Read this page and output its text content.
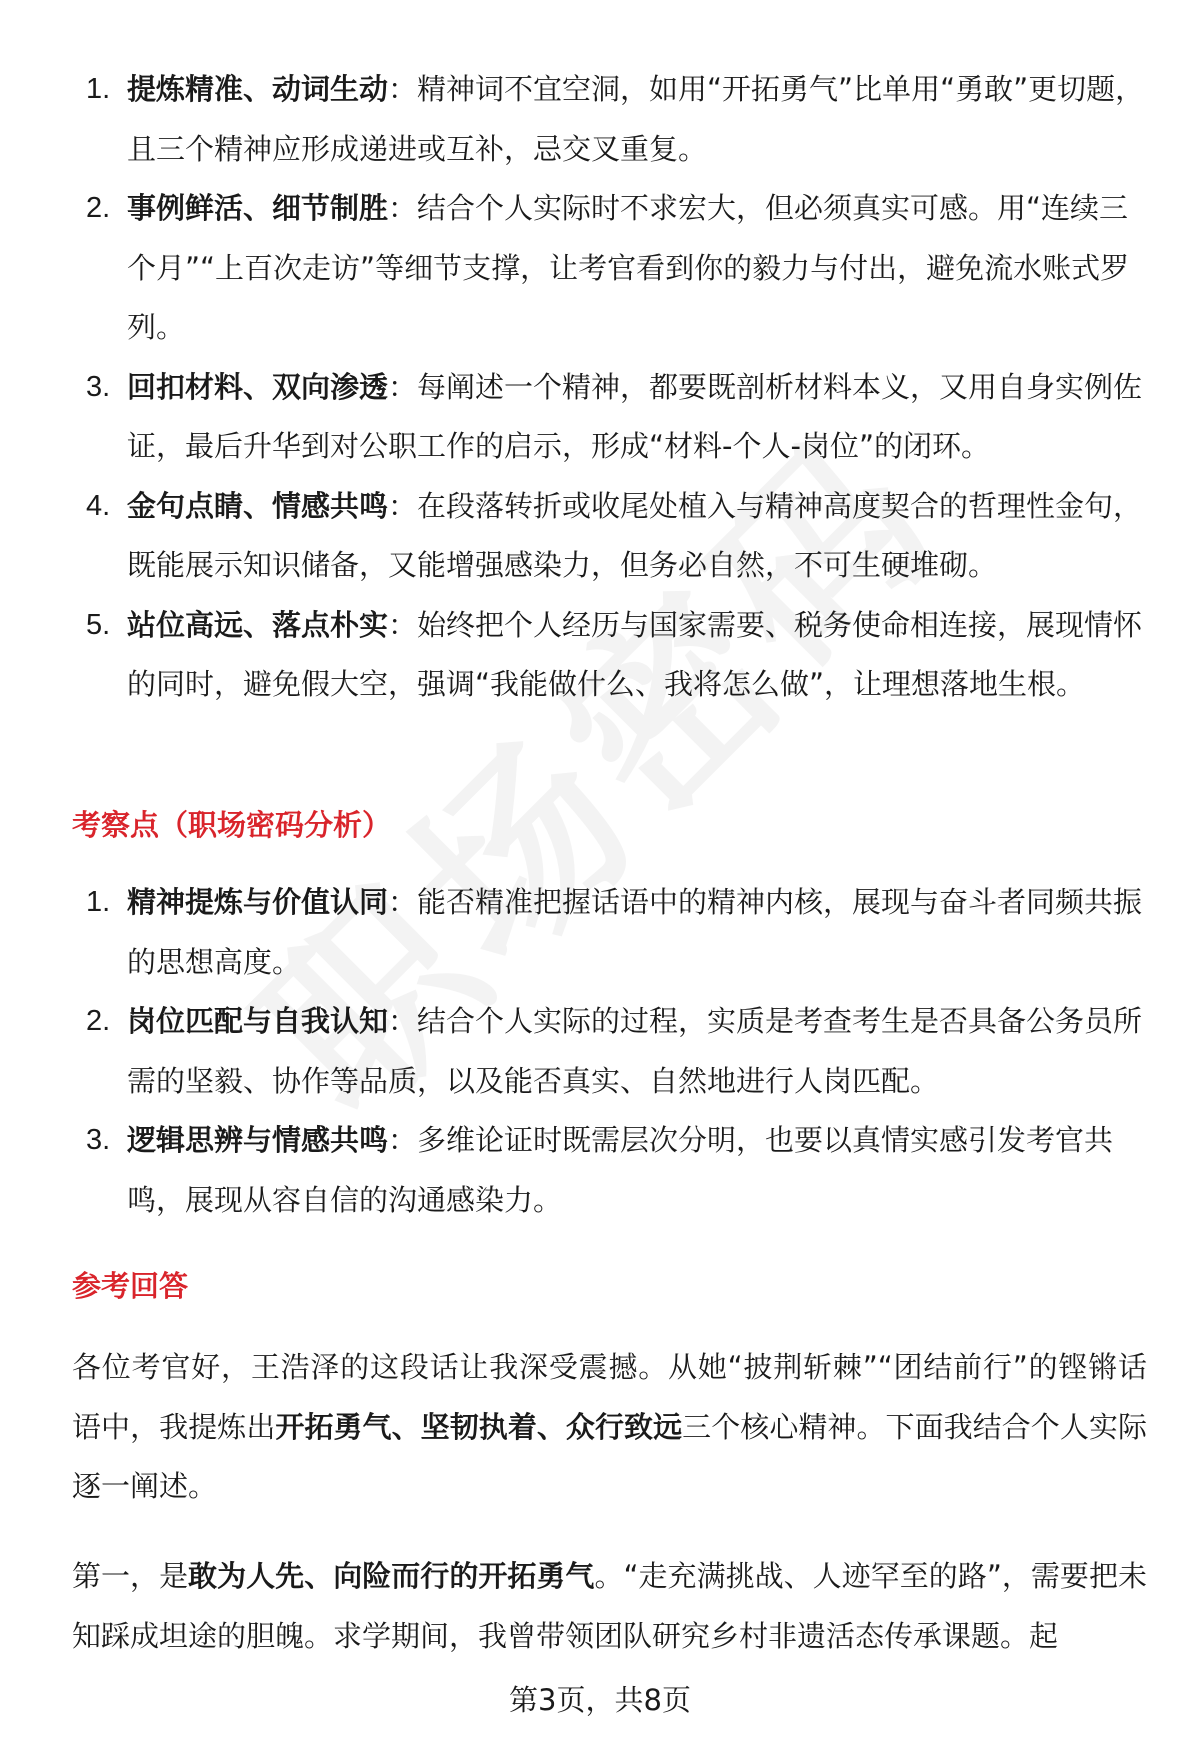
1. 提炼精准、动词生动：精神词不宜空洞，如用“开拓勇气”比单用“勇敢”更切题，且三个精神应形成递进或互补，忌交叉重复。
2. 事例鲜活、细节制胜：结合个人实际时不求宏大，但必须真实可感。用“连续三个月”“上百次走访”等细节支撑，让考官看到你的毅力与付出，避免流水账式罗列。
3. 回扣材料、双向渗透：每阐述一个精神，都要既剖析材料本义，又用自身实例佐证，最后升华到对公职工作的启示，形成“材料-个人-岗位”的闭环。
4. 金句点睛、情感共鸣：在段落转折或收尾处植入与精神高度契合的哲理性金句，既能展示知识储备，又能增强感染力，但务必自然，不可生硬堆砌。
5. 站位高远、落点朴实：始终把个人经历与国家需要、税务使命相连接，展现情怀的同时，避免假大空，强调“我能做什么、我将怎么做”，让理想落地生根。
考察点（职场密码分析）
1. 精神提炼与价值认同：能否精准把握话语中的精神内核，展现与奋斗者同频共振的思想高度。
2. 岗位匹配与自我认知：结合个人实际的过程，实质是考查考生是否具备公务员所需的坚毅、协作等品质，以及能否真实、自然地进行人岗匹配。
3. 逻辑思辨与情感共鸣：多维论证时既需层次分明，也要以真情实感引发考官共鸣，展现从容自信的沟通感染力。
参考回答

各位考官好，王浩泽的这段话让我深受震撼。从她“披荆斩棘”“团结前行”的铿锵话语中，我提炼出开拓勇气、坚韧执着、众行致远三个核心精神。下面我结合个人实际逐一阐述。

第一，是敢为人先、向险而行的开拓勇气。“走充满挑战、人迹罕至的路”，需要把未知踩成坦途的胆魄。求学期间，我曾带领团队研究乡村非遗活态传承课题。起

第3页，共8页
